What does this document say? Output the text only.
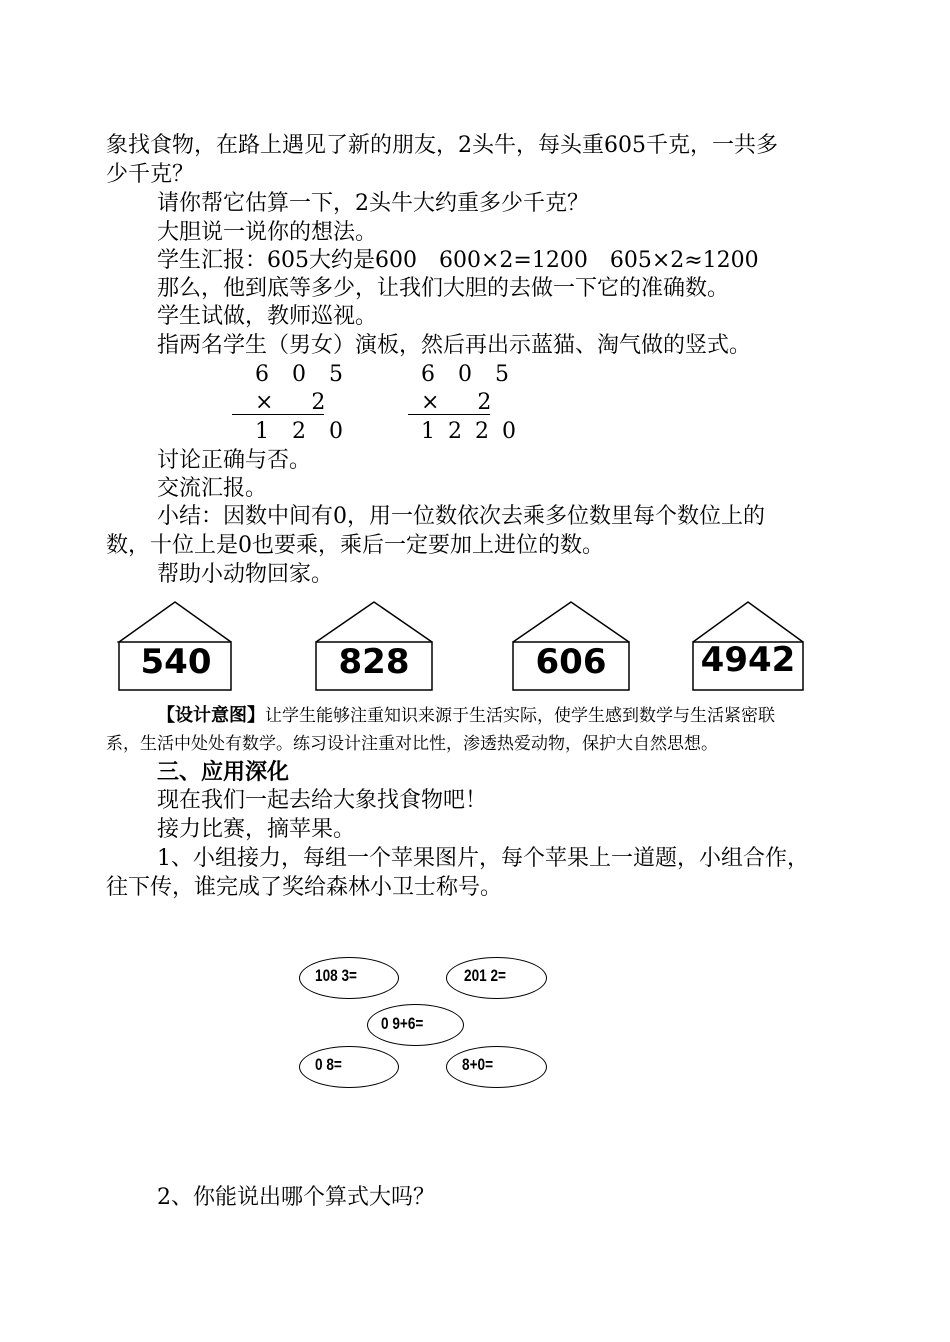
象找食物，在路上遇见了新的朋友，2头牛，每头重605千克，一共多
少千克？
请你帮它估算一下，2头牛大约重多少千克？
大胆说一说你的想法。
学生汇报：605大约是600　600×2=1200　605×2≈1200
那么，他到底等多少，让我们大胆的去做一下它的准确数。
学生试做，教师巡视。
指两名学生（男女）演板，然后再出示蓝猫、淘气做的竖式。
6 0 5
×  2
1 2 0
6 0 5
×  2
1 2 2 0
讨论正确与否。
交流汇报。
小结：因数中间有0，用一位数依次去乘多位数里每个数位上的
数，十位上是0也要乘，乘后一定要加上进位的数。
帮助小动物回家。
540	828	606	4942
【设计意图】让学生能够注重知识来源于生活实际，使学生感到数学与生活紧密联
系，生活中处处有数学。练习设计注重对比性，渗透热爱动物，保护大自然思想。
三、应用深化
现在我们一起去给大象找食物吧！
接力比赛，摘苹果。
1、小组接力，每组一个苹果图片，每个苹果上一道题，小组合作，
往下传，谁完成了奖给森林小卫士称号。
108 3=	201 2=
0 9+6=
0 8=	8+0=
2、你能说出哪个算式大吗？
